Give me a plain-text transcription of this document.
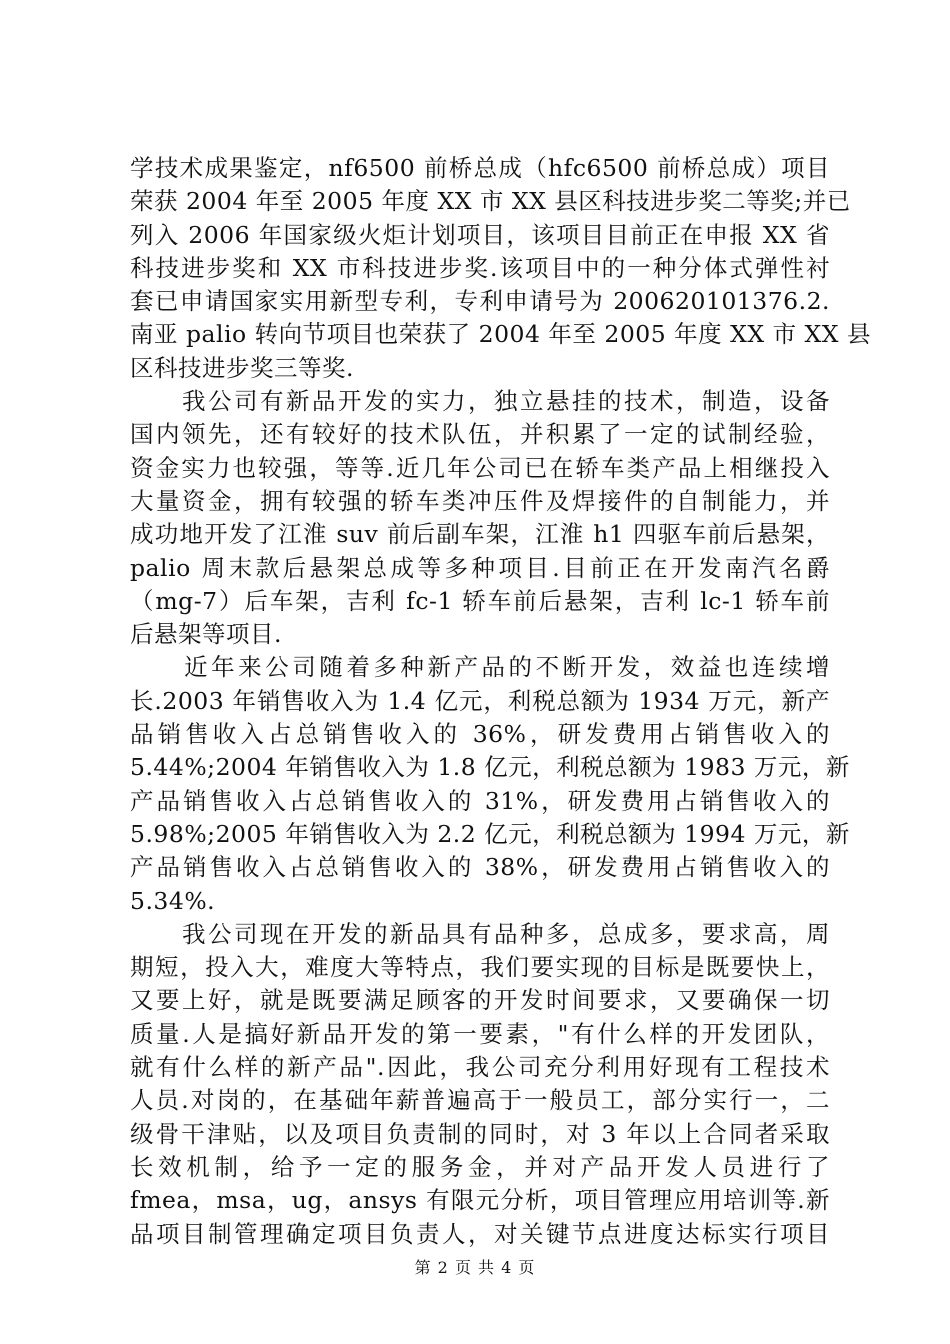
学技术成果鉴定，nf6500 前桥总成（hfc6500 前桥总成）项目
荣获 2004 年至 2005 年度 XX 市 XX 县区科技进步奖二等奖;并已
列入 2006 年国家级火炬计划项目，该项目目前正在申报 XX 省
科技进步奖和 XX 市科技进步奖.该项目中的一种分体式弹性衬
套已申请国家实用新型专利，专利申请号为 200620101376.2.
南亚 palio 转向节项目也荣获了 2004 年至 2005 年度 XX 市 XX 县
区科技进步奖三等奖.
　　我公司有新品开发的实力，独立悬挂的技术，制造，设备
国内领先，还有较好的技术队伍，并积累了一定的试制经验，
资金实力也较强，等等.近几年公司已在轿车类产品上相继投入
大量资金，拥有较强的轿车类冲压件及焊接件的自制能力，并
成功地开发了江淮 suv 前后副车架，江淮 h1 四驱车前后悬架，
palio 周末款后悬架总成等多种项目.目前正在开发南汽名爵
（mg-7）后车架，吉利 fc-1 轿车前后悬架，吉利 lc-1 轿车前
后悬架等项目.
　　近年来公司随着多种新产品的不断开发，效益也连续增
长.2003 年销售收入为 1.4 亿元，利税总额为 1934 万元，新产
品销售收入占总销售收入的 36%，研发费用占销售收入的
5.44%;2004 年销售收入为 1.8 亿元，利税总额为 1983 万元，新
产品销售收入占总销售收入的 31%，研发费用占销售收入的
5.98%;2005 年销售收入为 2.2 亿元，利税总额为 1994 万元，新
产品销售收入占总销售收入的 38%，研发费用占销售收入的
5.34%.
　　我公司现在开发的新品具有品种多，总成多，要求高，周
期短，投入大，难度大等特点，我们要实现的目标是既要快上，
又要上好，就是既要满足顾客的开发时间要求，又要确保一切
质量.人是搞好新品开发的第一要素，"有什么样的开发团队，
就有什么样的新产品".因此，我公司充分利用好现有工程技术
人员.对岗的，在基础年薪普遍高于一般员工，部分实行一，二
级骨干津贴，以及项目负责制的同时，对 3 年以上合同者采取
长效机制，给予一定的服务金，并对产品开发人员进行了
fmea，msa，ug，ansys 有限元分析，项目管理应用培训等.新
品项目制管理确定项目负责人，对关键节点进度达标实行项目
第 2 页 共 4 页
